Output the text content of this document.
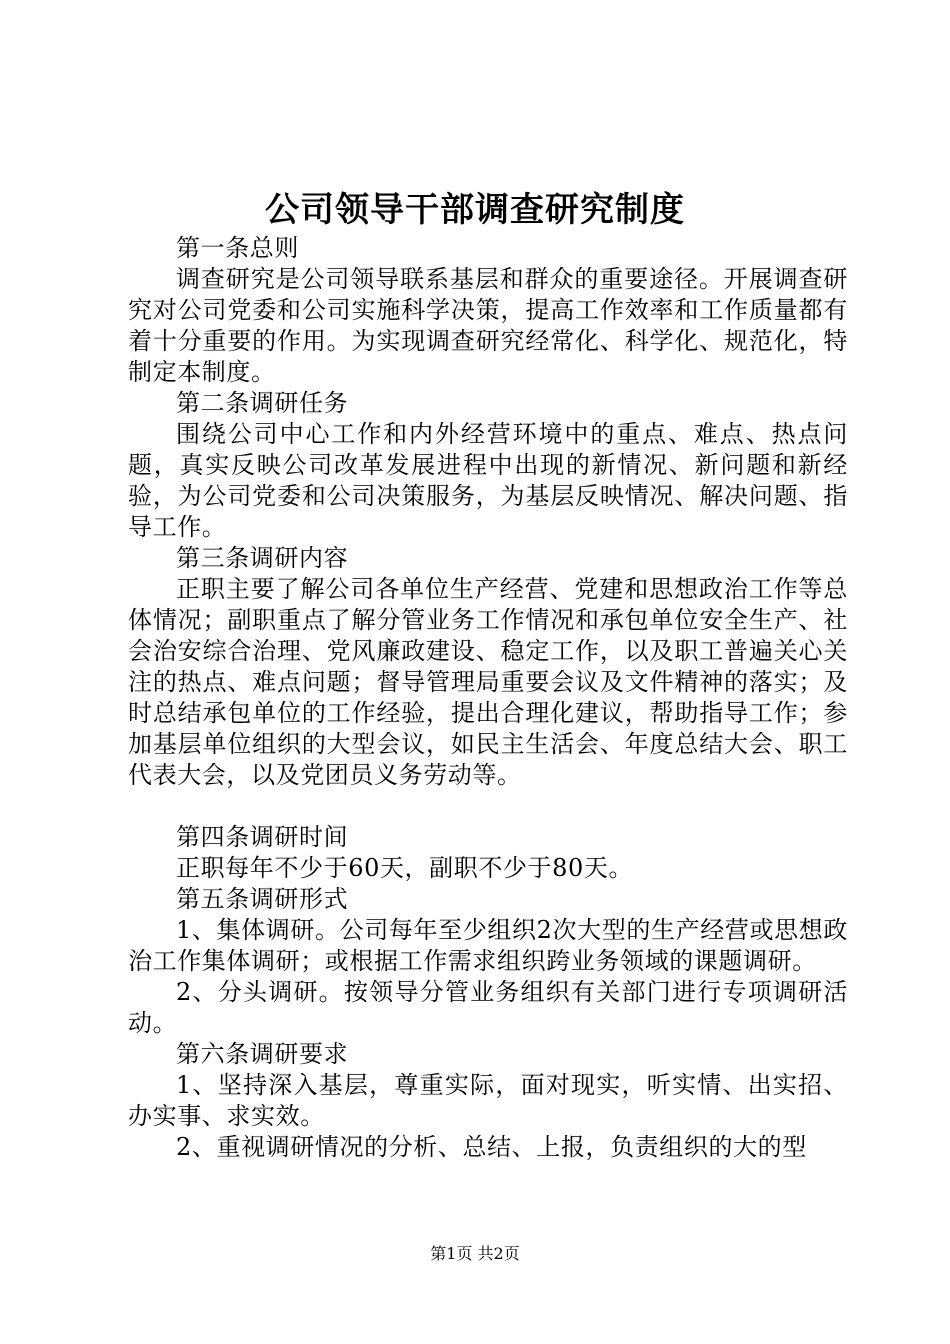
公司领导干部调查研究制度

第一条总则

调查研究是公司领导联系基层和群众的重要途径。开展调查研究对公司党委和公司实施科学决策，提高工作效率和工作质量都有着十分重要的作用。为实现调查研究经常化、科学化、规范化，特制定本制度。

第二条调研任务

围绕公司中心工作和内外经营环境中的重点、难点、热点问题，真实反映公司改革发展进程中出现的新情况、新问题和新经验，为公司党委和公司决策服务，为基层反映情况、解决问题、指导工作。

第三条调研内容

正职主要了解公司各单位生产经营、党建和思想政治工作等总体情况；副职重点了解分管业务工作情况和承包单位安全生产、社会治安综合治理、党风廉政建设、稳定工作，以及职工普遍关心关注的热点、难点问题；督导管理局重要会议及文件精神的落实；及时总结承包单位的工作经验，提出合理化建议，帮助指导工作；参加基层单位组织的大型会议，如民主生活会、年度总结大会、职工代表大会，以及党团员义务劳动等。

第四条调研时间

正职每年不少于60天，副职不少于80天。

第五条调研形式

1、集体调研。公司每年至少组织2次大型的生产经营或思想政治工作集体调研；或根据工作需求组织跨业务领域的课题调研。

2、分头调研。按领导分管业务组织有关部门进行专项调研活动。

第六条调研要求

1、坚持深入基层，尊重实际，面对现实，听实情、出实招、办实事、求实效。

2、重视调研情况的分析、总结、上报，负责组织的大的型

第1页 共2页
